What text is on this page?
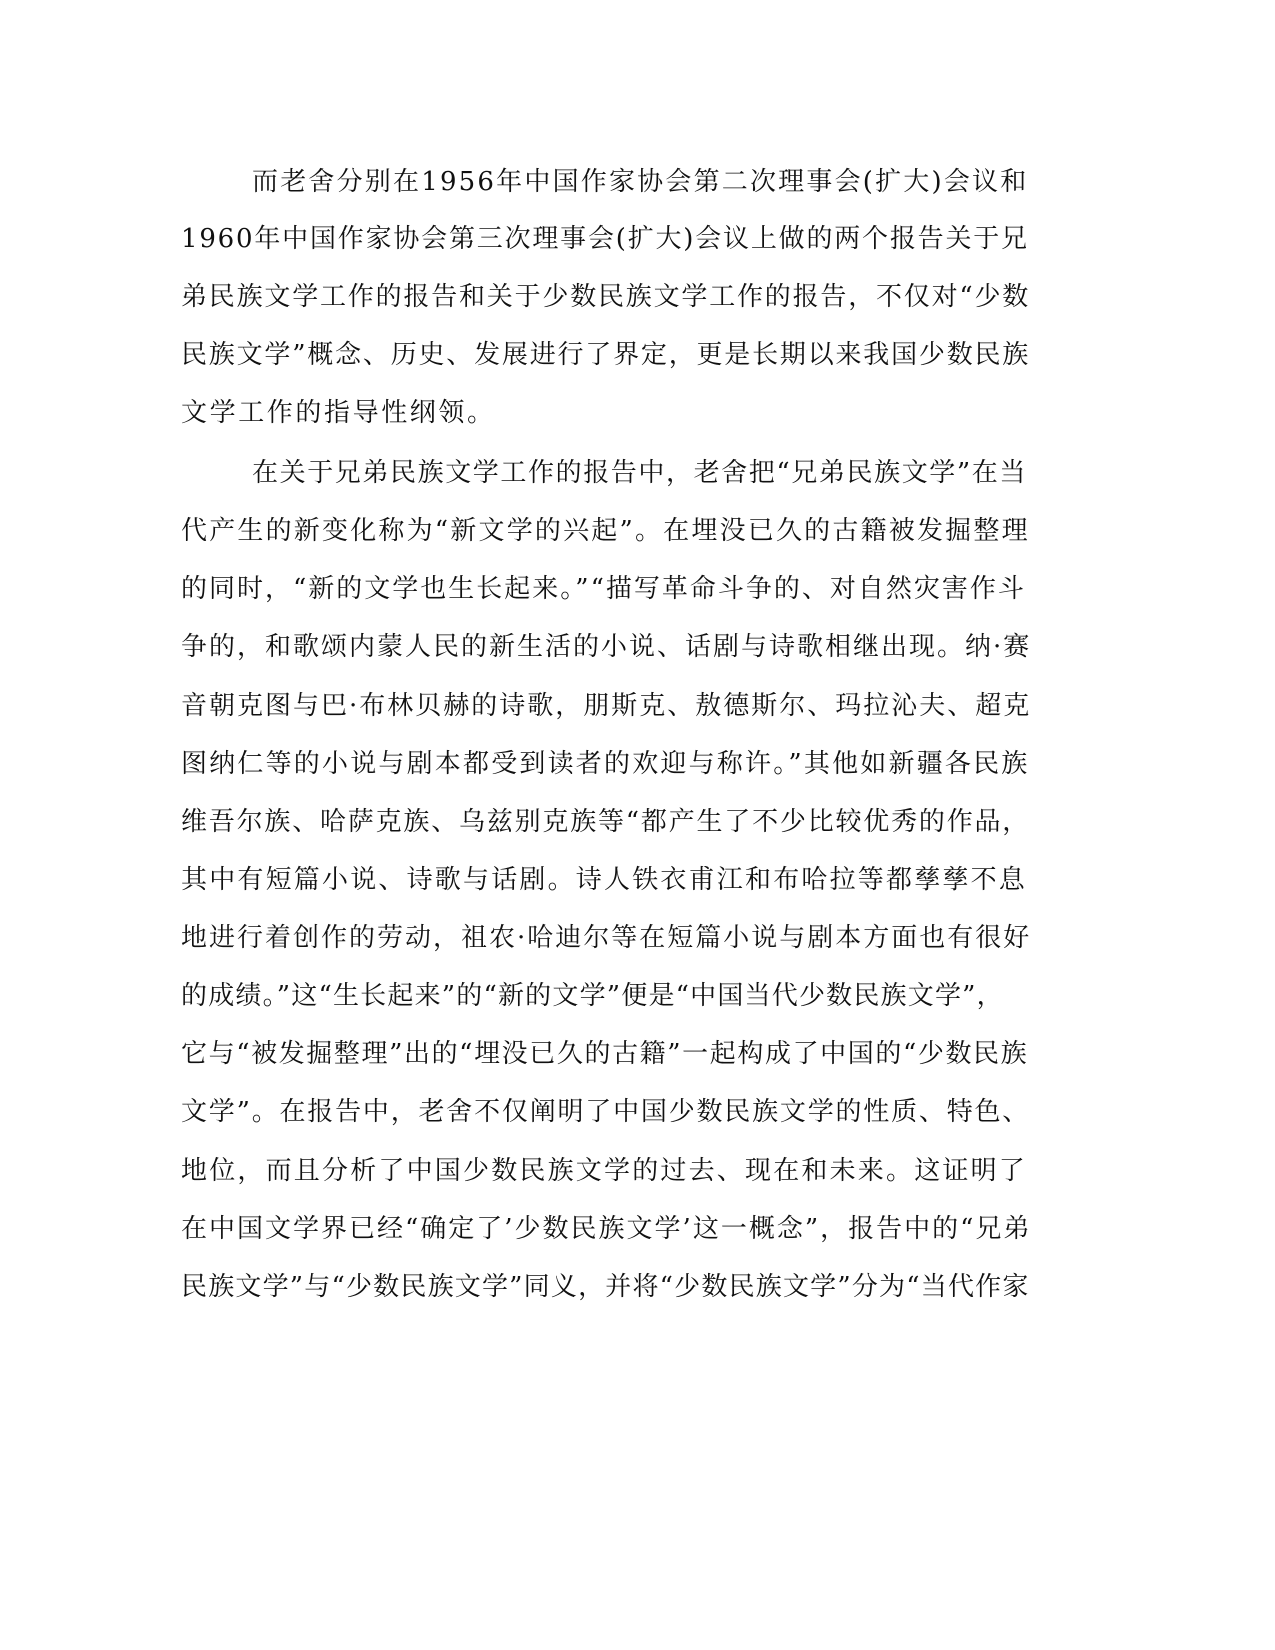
而老舍分别在1956年中国作家协会第二次理事会(扩大)会议和
1960年中国作家协会第三次理事会(扩大)会议上做的两个报告关于兄
弟民族文学工作的报告和关于少数民族文学工作的报告，不仅对“少数
民族文学”概念、历史、发展进行了界定，更是长期以来我国少数民族
文学工作的指导性纲领。
在关于兄弟民族文学工作的报告中，老舍把“兄弟民族文学”在当
代产生的新变化称为“新文学的兴起”。在埋没已久的古籍被发掘整理
的同时，“新的文学也生长起来。”“描写革命斗争的、对自然灾害作斗
争的，和歌颂内蒙人民的新生活的小说、话剧与诗歌相继出现。纳·赛
音朝克图与巴·布林贝赫的诗歌，朋斯克、敖德斯尔、玛拉沁夫、超克
图纳仁等的小说与剧本都受到读者的欢迎与称许。”其他如新疆各民族
维吾尔族、哈萨克族、乌兹别克族等“都产生了不少比较优秀的作品，
其中有短篇小说、诗歌与话剧。诗人铁衣甫江和布哈拉等都孳孳不息
地进行着创作的劳动，祖农·哈迪尔等在短篇小说与剧本方面也有很好
的成绩。”这“生长起来”的“新的文学”便是“中国当代少数民族文学”，
它与“被发掘整理”出的“埋没已久的古籍”一起构成了中国的“少数民族
文学”。在报告中，老舍不仅阐明了中国少数民族文学的性质、特色、
地位，而且分析了中国少数民族文学的过去、现在和未来。这证明了
在中国文学界已经“确定了’少数民族文学’这一概念”，报告中的“兄弟
民族文学”与“少数民族文学”同义，并将“少数民族文学”分为“当代作家
